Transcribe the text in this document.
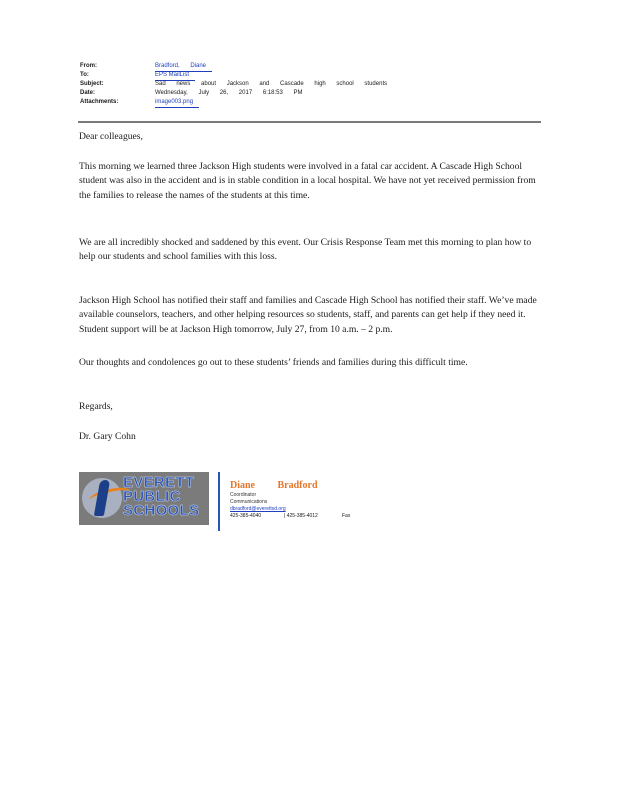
From:	Bradford, Diane
To:	EPS MailList
Subject:	Sad news about Jackson and Cascade high school students
Date:	Wednesday, July 26, 2017 6:18:53 PM
Attachments:	image003.png

Dear colleagues,

This morning we learned three Jackson High students were involved in a fatal car accident. A Cascade High School student was also in the accident and is in stable condition in a local hospital. We have not yet received permission from the families to release the names of the students at this time.

We are all incredibly shocked and saddened by this event. Our Crisis Response Team met this morning to plan how to help our students and school families with this loss.

Jackson High School has notified their staff and families and Cascade High School has notified their staff. We’ve made available counselors, teachers, and other helping resources so students, staff, and parents can get help if they need it. Student support will be at Jackson High tomorrow, July 27, from 10 a.m. – 2 p.m.

Our thoughts and condolences go out to these students’ friends and families during this difficult time.

Regards,

Dr. Gary Cohn

EVERETT
PUBLIC
SCHOOLS
Diane Bradford
Coordinator
Communications
dbradford@everettsd.org
425-385-4040	| 425-385-4012	Fax
